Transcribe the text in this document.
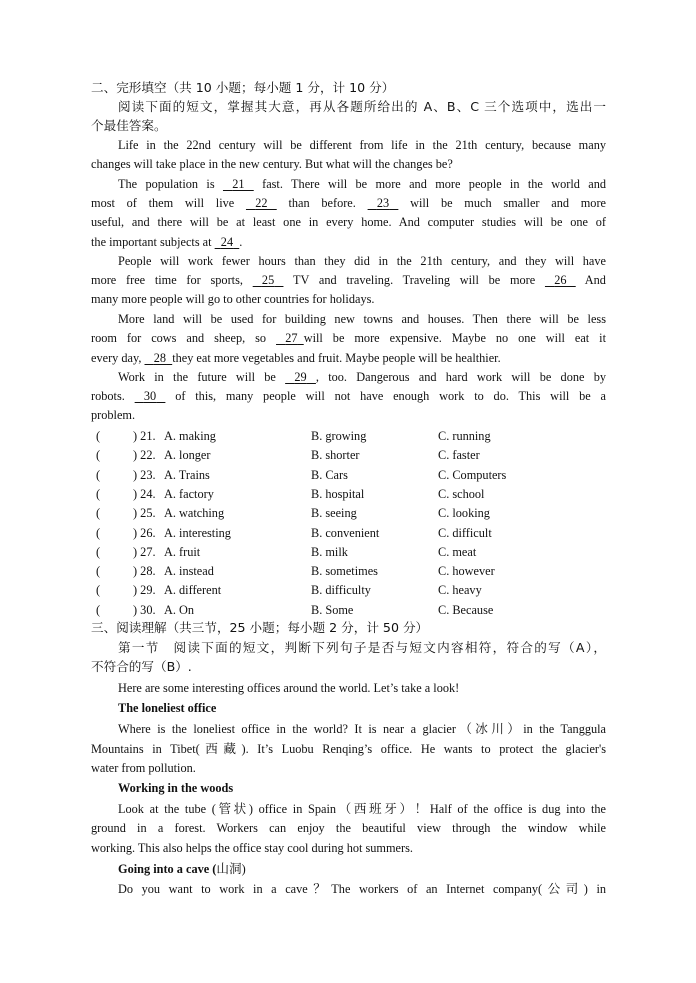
二、完形填空（共 10 小题；每小题 1 分，计 10 分）
阅读下面的短文，掌握其大意，再从各题所给出的 A、B、C 三个选项中，选出一
个最佳答案。
Life in the 22nd century will be different from life in the 21th century, because many
changes will take place in the new century. But what will the changes be?
The population is 21 fast. There will be more and more people in the world and
most of them will live 22 than before. 23 will be much smaller and more
useful, and there will be at least one in every home. And computer studies will be one of
the important subjects at 24 .
People will work fewer hours than they did in the 21th century, and they will have
more free time for sports, 25 TV and traveling. Traveling will be more 26 And
many more people will go to other countries for holidays.
More land will be used for building new towns and houses. Then there will be less
room for cows and sheep, so 27 will be more expensive. Maybe no one will eat it
every day, 28 they eat more vegetables and fruit. Maybe people will be healthier.
Work in the future will be 29 , too. Dangerous and hard work will be done by
robots. 30 of this, many people will not have enough work to do. This will be a
problem.
(	) 21. A. making	B. growing	C. running
(	) 22. A. longer	B. shorter	C. faster
(	) 23. A. Trains	B. Cars	C. Computers
(	) 24. A. factory	B. hospital	C. school
(	) 25. A. watching	B. seeing	C. looking
(	) 26. A. interesting	B. convenient	C. difficult
(	) 27. A. fruit	B. milk	C. meat
(	) 28. A. instead	B. sometimes	C. however
(	) 29. A. different	B. difficulty	C. heavy
(	) 30. A. On	B. Some	C. Because
三、阅读理解（共三节，25 小题；每小题 2 分，计 50 分）
第一节　阅读下面的短文，判断下列句子是否与短文内容相符，符合的写（A），
不符合的写（B）.
Here are some interesting offices around the world. Let’s take a look!
The loneliest office
Where is the loneliest office in the world? It is near a glacier（冰川）in the Tanggula
Mountains in Tibet(西藏). It’s Luobu Renqing’s office. He wants to protect the glacier's
water from pollution.
Working in the woods
Look at the tube (管状) office in Spain（西班牙）！Half of the office is dug into the
ground in a forest. Workers can enjoy the beautiful view through the window while
working. This also helps the office stay cool during hot summers.
Going into a cave (山洞)
Do you want to work in a cave？The workers of an Internet company(公司) in
